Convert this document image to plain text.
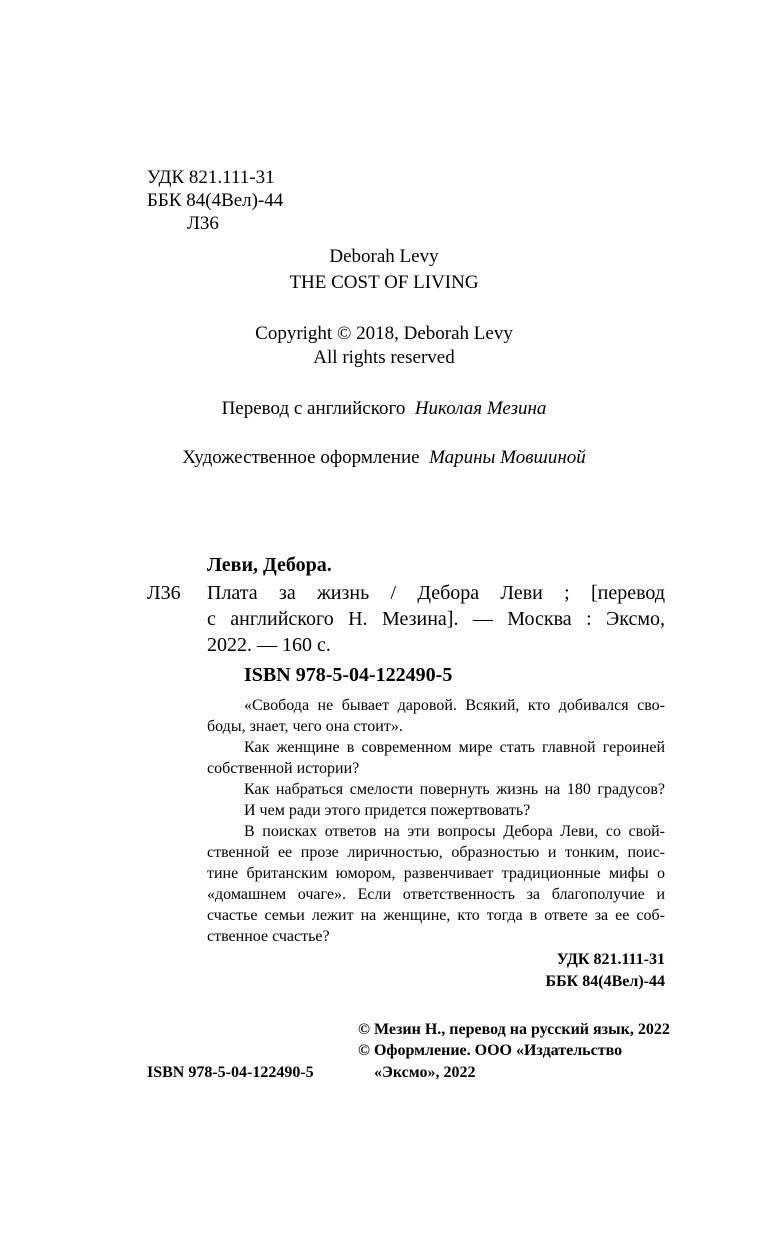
УДК 821.111-31
ББК 84(4Вел)-44
Л36
Deborah Levy
THE COST OF LIVING
Copyright © 2018, Deborah Levy
All rights reserved
Перевод с английского Николая Мезина
Художественное оформление Марины Мовшиной
Леви, Дебора.
Л36 Плата за жизнь / Дебора Леви ; [перевод
с английского Н. Мезина]. — Москва : Эксмо,
2022. — 160 с.
ISBN 978-5-04-122490-5
«Свобода не бывает даровой. Всякий, кто добивался сво-
боды, знает, чего она стоит».
Как женщине в современном мире стать главной героиней
собственной истории?
Как набраться смелости повернуть жизнь на 180 градусов?
И чем ради этого придется пожертвовать?
В поисках ответов на эти вопросы Дебора Леви, со свой-
ственной ее прозе лиричностью, образностью и тонким, поис-
тине британским юмором, развенчивает традиционные мифы о
«домашнем очаге». Если ответственность за благополучие и
счастье семьи лежит на женщине, кто тогда в ответе за ее соб-
ственное счастье?
УДК 821.111-31
ББК 84(4Вел)-44
© Мезин Н., перевод на русский язык, 2022
© Оформление. ООО «Издательство
ISBN 978-5-04-122490-5	«Эксмо», 2022
